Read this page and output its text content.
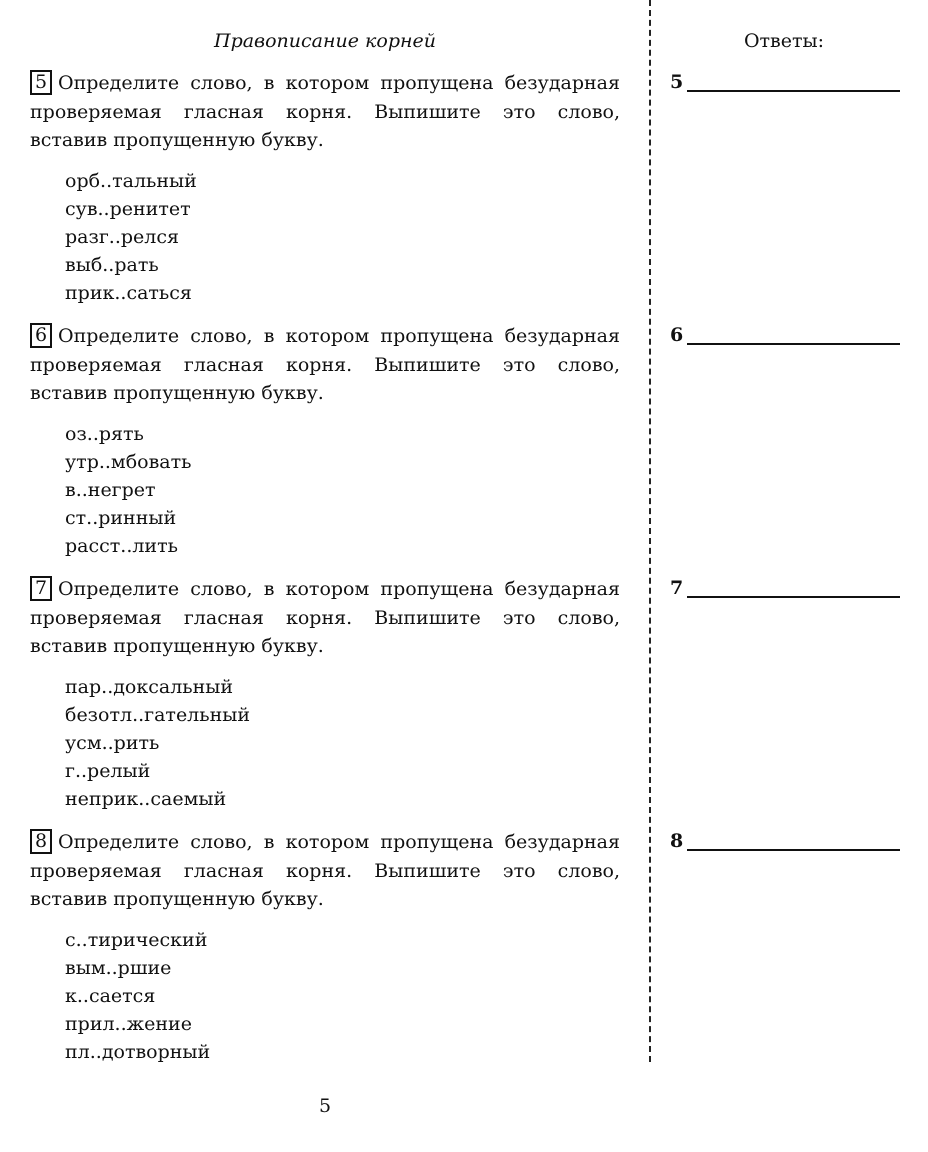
Правописание корней	Ответы:

5 Определите слово, в котором пропущена безударная проверяемая гласная корня. Выпишите это слово, вставив пропущенную букву.

орб..тальный
сув..ренитет
разг..релся
выб..рать
прик..саться

6 Определите слово, в котором пропущена безударная проверяемая гласная корня. Выпишите это слово, вставив пропущенную букву.

оз..рять
утр..мбовать
в..негрет
ст..ринный
расст..лить

7 Определите слово, в котором пропущена безударная проверяемая гласная корня. Выпишите это слово, вставив пропущенную букву.

пар..доксальный
безотл..гательный
усм..рить
г..релый
неприк..саемый

8 Определите слово, в котором пропущена безударная проверяемая гласная корня. Выпишите это слово, вставив пропущенную букву.

с..тирический
вым..ршие
к..сается
прил..жение
пл..дотворный
5
6
7
8
5
